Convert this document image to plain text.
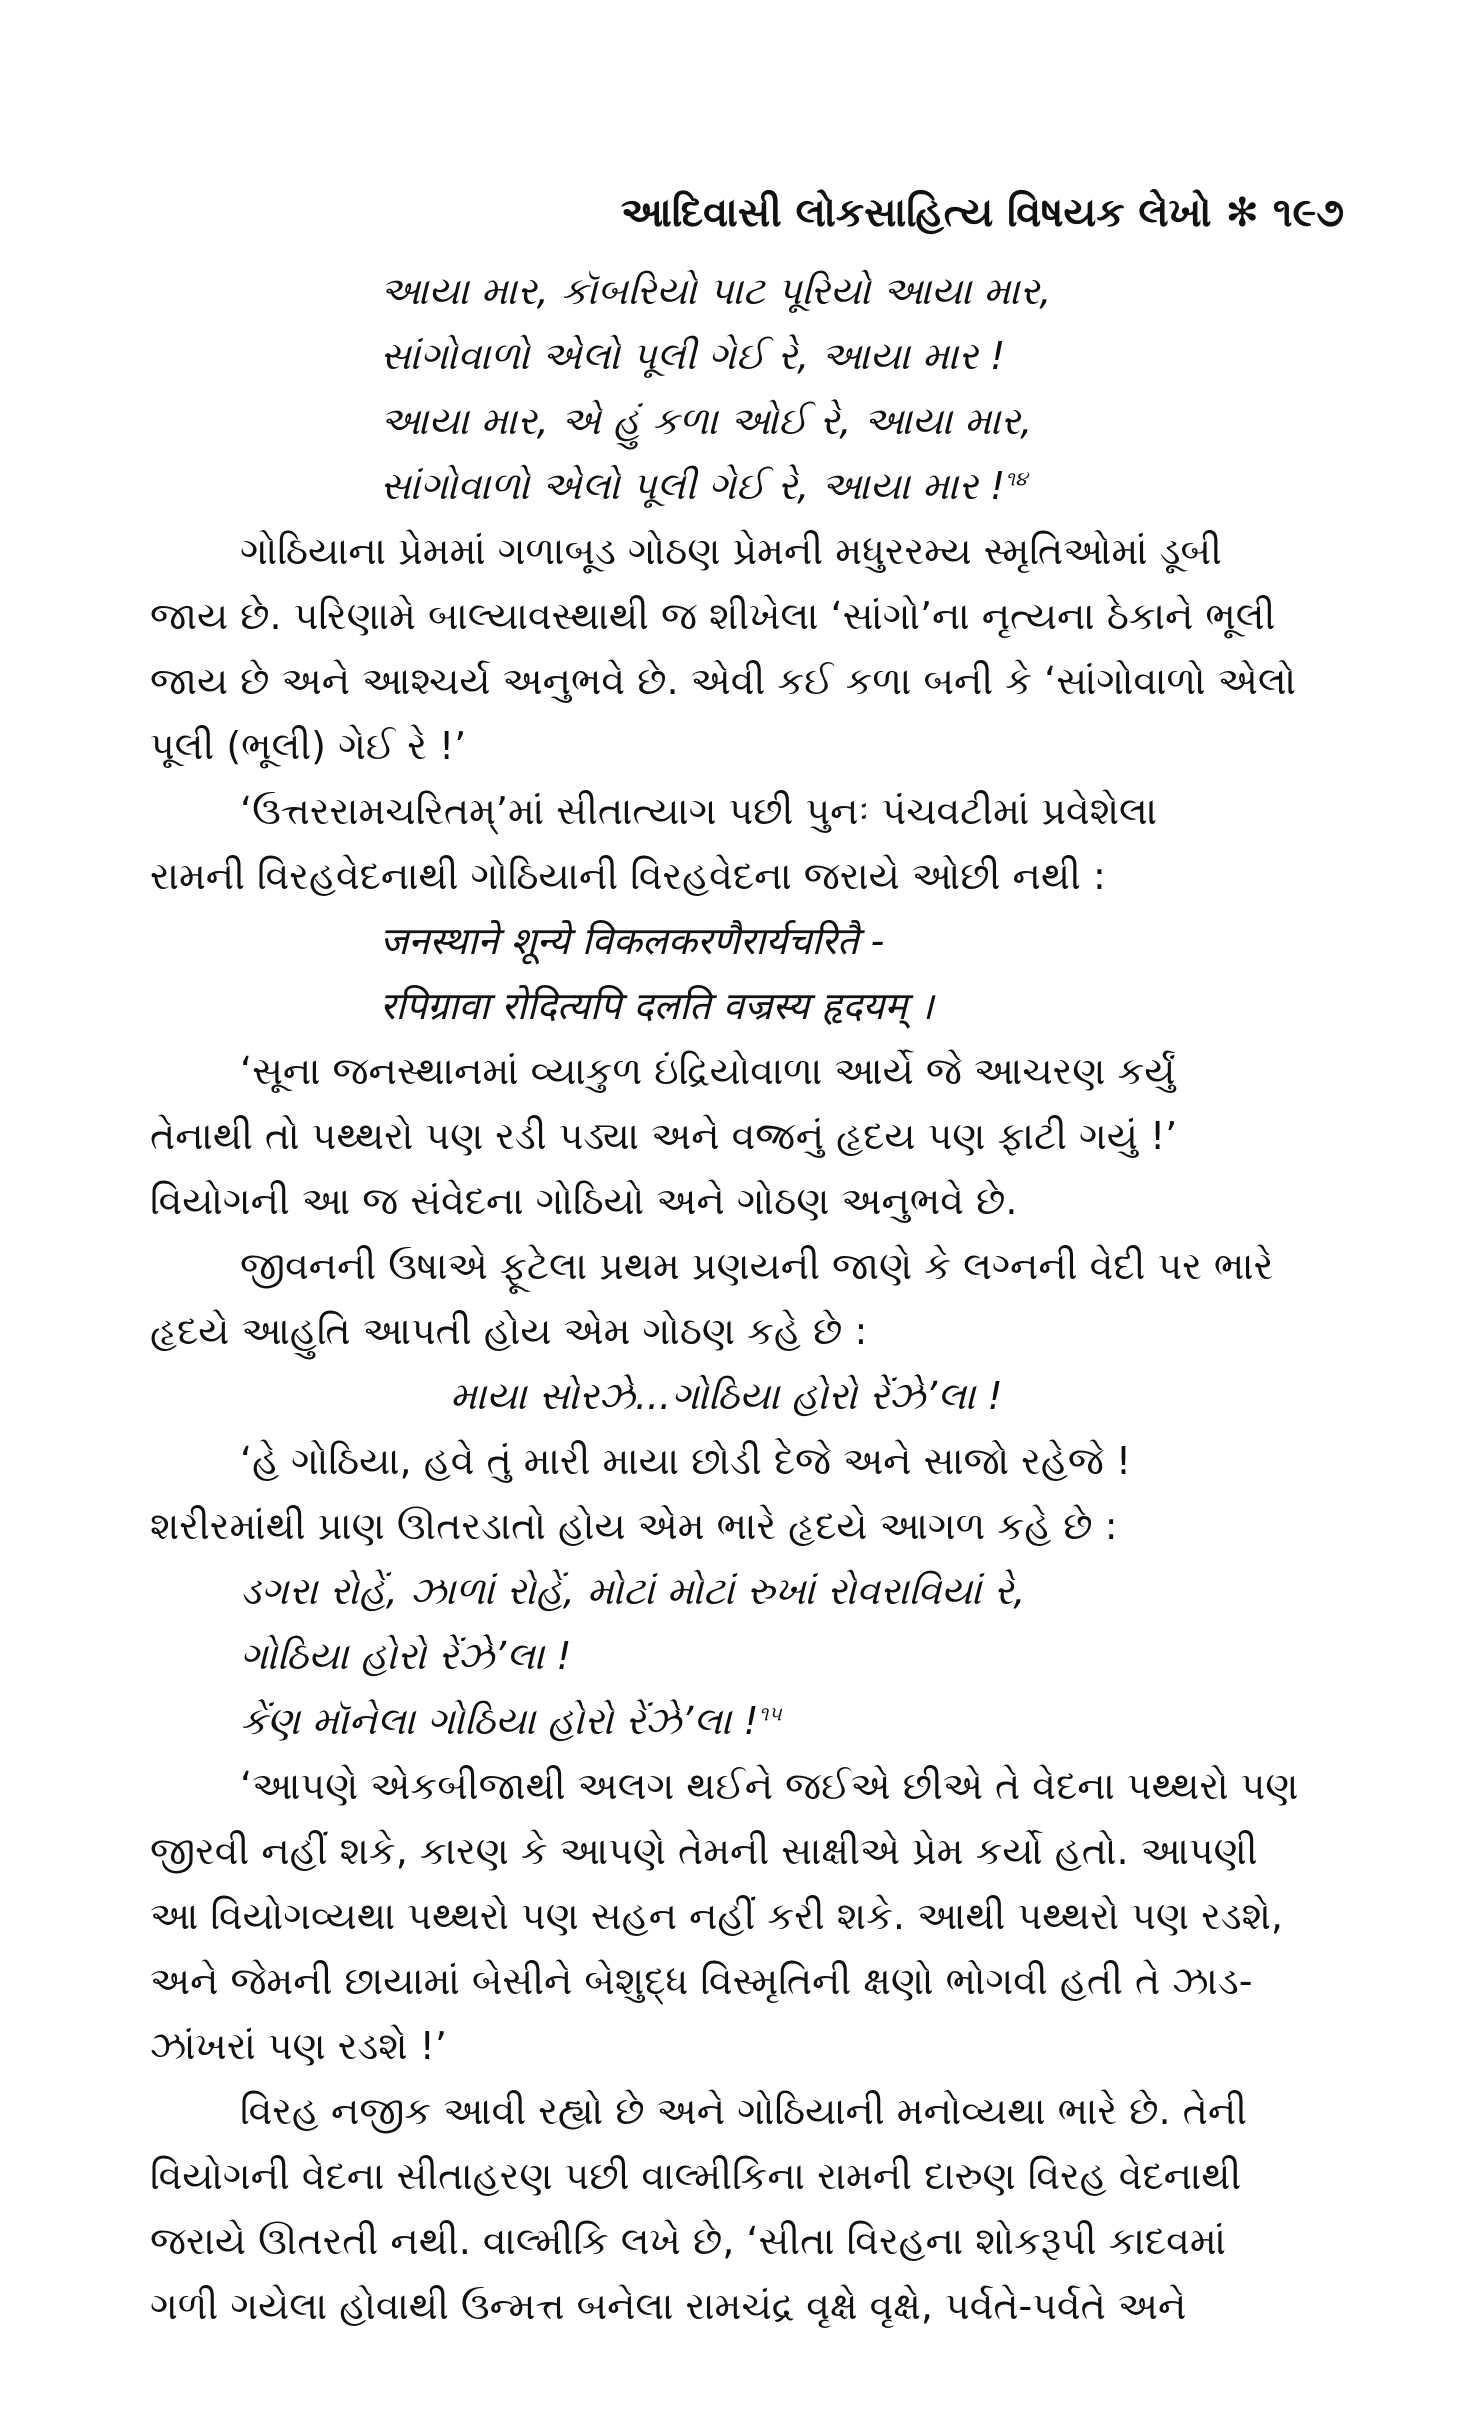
આદિવાસી લોકસાહિત્ય વિષયક લેખો ✻ ૧૯૭
આયા માર, કૉબરિયો પાટ પૂરિયો આયા માર,
સાંગોવાળો એલો પૂલી ગેઈ રે, આયા માર !
આયા માર, એ હું કળા ઓઈ રે, આયા માર,
સાંગોવાળો એલો પૂલી ગેઈ રે, આયા માર !$^{૧૪}$
ગોઠિયાના પ્રેમમાં ગળાબૂડ ગોઠણ પ્રેમની મધુરરમ્ય સ્મૃતિઓમાં ડૂબી
જાય છે. પરિણામે બાલ્યાવસ્થાથી જ શીખેલા ‘સાંગો’ના નૃત્યના ઠેકાને ભૂલી
જાય છે અને આશ્ચર્ય અનુભવે છે. એવી કઈ કળા બની કે ‘સાંગોવાળો એલો
પૂલી (ભૂલી) ગેઈ રે !’
‘ઉત્તરરામચરિતમ્’માં સીતાત્યાગ પછી પુનઃ પંચવટીમાં પ્રવેશેલા
રામની વિરહવેદનાથી ગોઠિયાની વિરહવેદના જરાયે ઓછી નથી :
जनस्थाने शून्ये विकलकरणैरार्यचरितै -
रपिग्रावा रोदित्यपि दलति वज्रस्य हृदयम् ।
‘સૂના જનસ્થાનમાં વ્યાકુળ ઇંદ્રિયોવાળા આર્યે જે આચરણ કર્યું
તેનાથી તો પથ્થરો પણ રડી પડ્યા અને વજ્રનું હૃદય પણ ફાટી ગયું !’
વિયોગની આ જ સંવેદના ગોઠિયો અને ગોઠણ અનુભવે છે.
જીવનની ઉષાએ ફૂટેલા પ્રથમ પ્રણયની જાણે કે લગ્નની વેદી પર ભારે
હૃદયે આહુતિ આપતી હોય એમ ગોઠણ કહે છે :
માયા સોરઝે...ગોઠિયા હોરો રેંઝે’લા !
‘હે ગોઠિયા, હવે તું મારી માયા છોડી દેજે અને સાજો રહેજે !
શરીરમાંથી પ્રાણ ઊતરડાતો હોય એમ ભારે હૃદયે આગળ કહે છે :
ડગરા રોહેં, ઝાળાં રોહેં, મોટાં મોટાં રુખાં રોવરાવિયાં રે,
ગોઠિયા હોરો રેંઝે’લા !
કેંણ મૉનેલા ગોઠિયા હોરો રેંઝે’લા !$^{૧૫}$
‘આપણે એકબીજાથી અલગ થઈને જઈએ છીએ તે વેદના પથ્થરો પણ
જીરવી નહીં શકે, કારણ કે આપણે તેમની સાક્ષીએ પ્રેમ કર્યો હતો. આપણી
આ વિયોગવ્યથા પથ્થરો પણ સહન નહીં કરી શકે. આથી પથ્થરો પણ રડશે,
અને જેમની છાયામાં બેસીને બેશુદ્ધ વિસ્મૃતિની ક્ષણો ભોગવી હતી તે ઝાડ-
ઝાંખરાં પણ રડશે !’
વિરહ નજીક આવી રહ્યો છે અને ગોઠિયાની મનોવ્યથા ભારે છે. તેની
વિયોગની વેદના સીતાહરણ પછી વાલ્મીકિના રામની દારુણ વિરહ વેદનાથી
જરાયે ઊતરતી નથી. વાલ્મીકિ લખે છે, ‘સીતા વિરહના શોકરૂપી કાદવમાં
ગળી ગયેલા હોવાથી ઉન્મત્ત બનેલા રામચંદ્ર વૃક્ષે વૃક્ષે, પર્વતે-પર્વતે અને
